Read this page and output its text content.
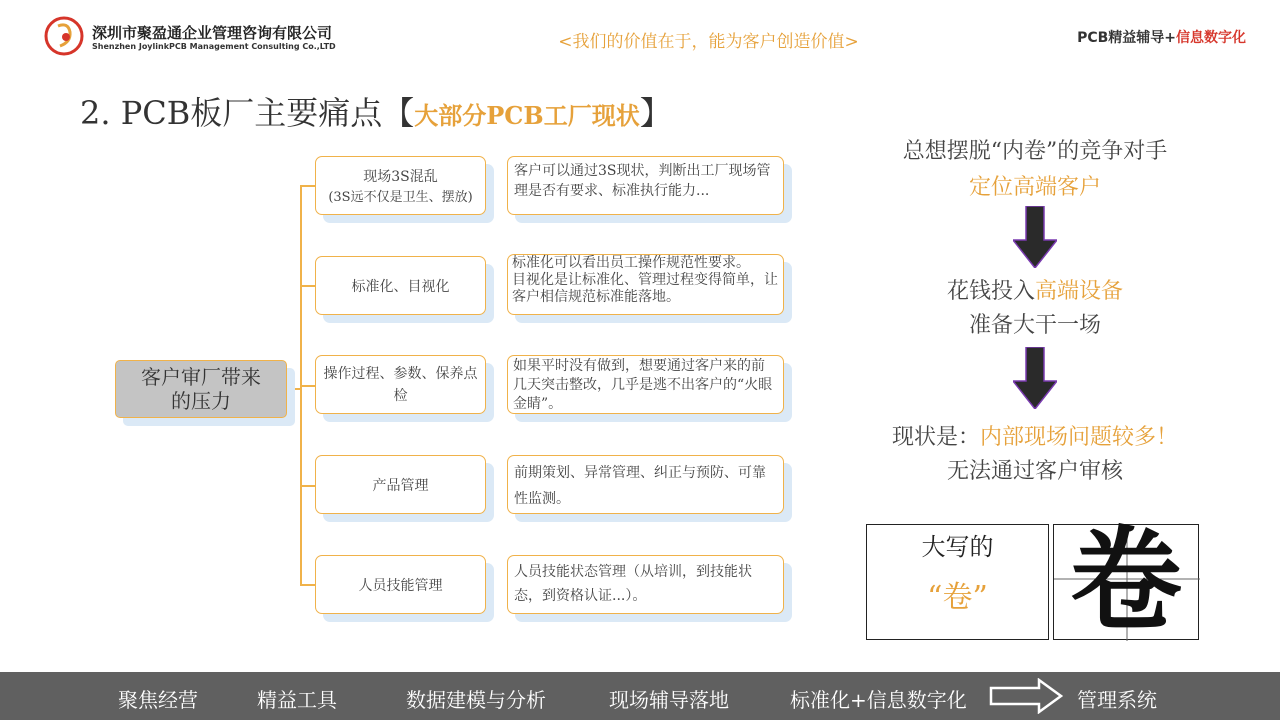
深圳市聚盈通企业管理咨询有限公司
Shenzhen JoylinkPCB Management Consulting Co.,LTD	<我们的价值在于，能为客户创造价值>	PCB精益辅导+信息数字化
2. PCB板厂主要痛点【大部分PCB工厂现状】
客户审厂带来的压力
现场3S混乱
(3S远不仅是卫生、摆放)
客户可以通过3S现状，判断出工厂现场管理是否有要求、标准执行能力...
标准化、目视化
标准化可以看出员工操作规范性要求。
目视化是让标准化、管理过程变得简单，让客户相信规范标准能落地。
操作过程、参数、保养点检
如果平时没有做到，想要通过客户来的前几天突击整改，几乎是逃不出客户的“火眼金睛”。
产品管理
前期策划、异常管理、纠正与预防、可靠性监测。
人员技能管理
人员技能状态管理（从培训，到技能状态，到资格认证...）。
总想摆脱“内卷”的竞争对手
定位高端客户
花钱投入高端设备
准备大干一场
现状是：内部现场问题较多！
无法通过客户审核
大写的
“卷” 卷
聚焦经营	精益工具	数据建模与分析	现场辅导落地	标准化+信息数字化	管理系统
